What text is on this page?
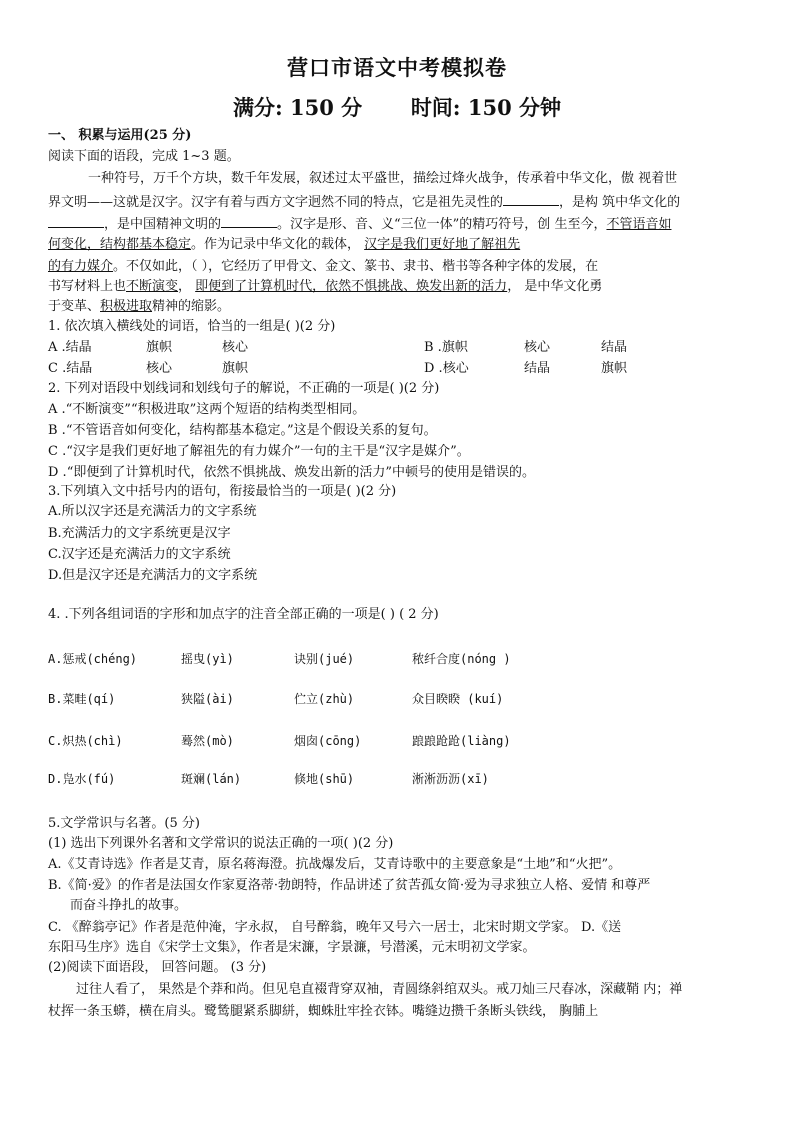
营口市语文中考模拟卷
满分: 150 分 时间: 150 分钟
一、 积累与运用(25 分)
阅读下面的语段，完成 1~3 题。
一种符号，万千个方块，数千年发展，叙述过太平盛世，描绘过烽火战争，传承着中华文化，傲 视着世
界文明——这就是汉字。汉字有着与西方文字迥然不同的特点，它是祖先灵性的	，是构 筑中华文化的
，是中国精神文明的	。汉字是形、音、义“三位一体”的精巧符号，创 生至今，不管语音如
何变化，结构都基本稳定。作为记录中华文化的载体， 汉字是我们更好地了解祖先
的有力媒介。不仅如此，（ ），它经历了甲骨文、金文、篆书、隶书、楷书等各种字体的发展，在
书写材料上也不断演变， 即便到了计算机时代，依然不惧挑战、焕发出新的活力， 是中华文化勇
于变革、积极进取精神的缩影。
1. 依次填入横线处的词语，恰当的一组是( )(2 分)
A .结晶	旗帜	核心	B .旗帜	核心	结晶
C .结晶	核心	旗帜	D .核心	结晶	旗帜
2. 下列对语段中划线词和划线句子的解说，不正确的一项是( )(2 分)
A .“不断演变”“积极进取”这两个短语的结构类型相同。
B .“不管语音如何变化，结构都基本稳定。”这是个假设关系的复句。
C .“汉字是我们更好地了解祖先的有力媒介”一句的主干是“汉字是媒介”。
D .“即便到了计算机时代，依然不惧挑战、焕发出新的活力”中顿号的使用是错误的。
3.下列填入文中括号内的语句，衔接最恰当的一项是( )(2 分)
A.所以汉字还是充满活力的文字系统
B.充满活力的文字系统更是汉字
C.汉字还是充满活力的文字系统
D.但是汉字还是充满活力的文字系统
4. .下列各组词语的字形和加点字的注音全部正确的一项是( ) ( 2 分)
A.惩戒(chéng)	摇曳(yì)	诀别(jué)	秾纤合度(nóng )
B.菜畦(qí)	狭隘(ài)	伫立(zhù)	众目睽睽 (kuí)
C.炽热(chì)	蓦然(mò)	烟囱(cōng)	踉踉跄跄(liàng)
D.凫水(fú)	斑斓(lán)	倏地(shū)	淅淅沥沥(xī)
5.文学常识与名著。(5 分)
(1) 选出下列课外名著和文学常识的说法正确的一项( )(2 分)
A.《艾青诗选》作者是艾青，原名蒋海澄。抗战爆发后，艾青诗歌中的主要意象是“土地”和“火把”。
B.《简·爱》的作者是法国女作家夏洛蒂·勃朗特，作品讲述了贫苦孤女简·爱为寻求独立人格、爱情 和尊严
而奋斗挣扎的故事。
C. 《醉翁亭记》作者是范仲淹，字永叔， 自号醉翁，晚年又号六一居士，北宋时期文学家。 D.《送
东阳马生序》选自《宋学士文集》，作者是宋濂，字景濂，号潜溪，元末明初文学家。
(2)阅读下面语段， 回答问题。 (3 分)
过往人看了， 果然是个莽和尚。但见皂直裰背穿双袖，青圆绦斜绾双头。戒刀灿三尺春冰，深藏鞘 内；禅
杖挥一条玉蟒，横在肩头。鹭鸶腿紧系脚絣，蜘蛛肚牢拴衣钵。嘴缝边攒千条断头铁线， 胸脯上
